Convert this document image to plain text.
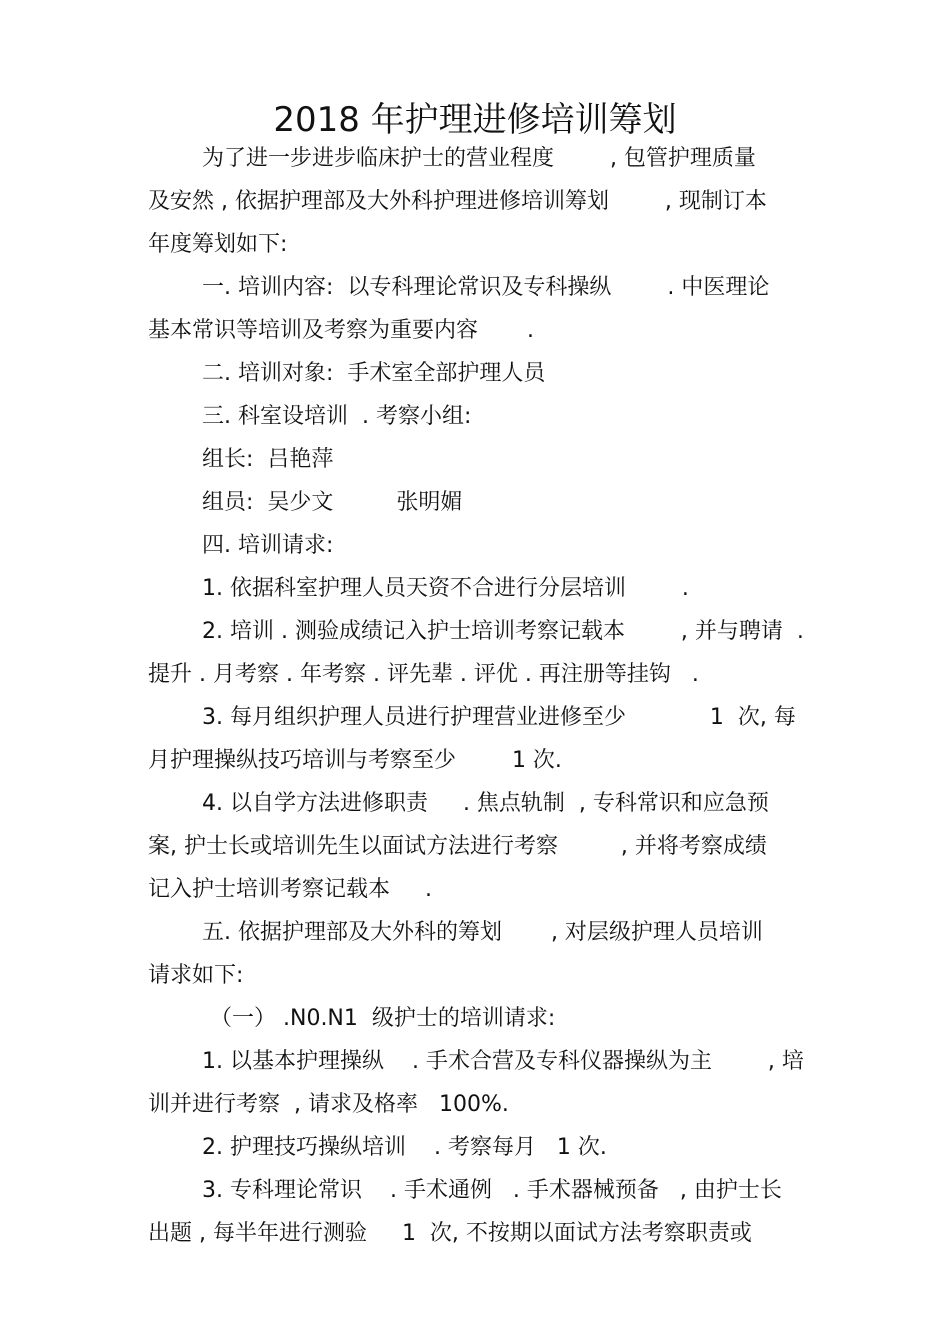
2018 年护理进修培训筹划

为了进一步进步临床护士的营业程度        , 包管护理质量

及安然 , 依据护理部及大外科护理进修培训筹划        , 现制订本

年度筹划如下:

一. 培训内容:  以专科理论常识及专科操纵        . 中医理论

基本常识等培训及考察为重要内容       .

二. 培训对象:  手术室全部护理人员

三. 科室设培训  . 考察小组:

组长:  吕艳萍

组员:  吴少文         张明媚

四. 培训请求:

1. 依据科室护理人员天资不合进行分层培训        .

2. 培训 . 测验成绩记入护士培训考察记载本        , 并与聘请  .

提升 . 月考察 . 年考察 . 评先辈 . 评优 . 再注册等挂钩   .

3. 每月组织护理人员进行护理营业进修至少            1  次, 每

月护理操纵技巧培训与考察至少        1 次.

4. 以自学方法进修职责     . 焦点轨制  , 专科常识和应急预

案, 护士长或培训先生以面试方法进行考察         , 并将考察成绩

记入护士培训考察记载本     .

五. 依据护理部及大外科的筹划       , 对层级护理人员培训

请求如下:

（一） .N0.N1  级护士的培训请求:

1. 以基本护理操纵    . 手术合营及专科仪器操纵为主        , 培

训并进行考察  , 请求及格率   100%.

2. 护理技巧操纵培训    . 考察每月   1 次.

3. 专科理论常识    . 手术通例   . 手术器械预备   , 由护士长

出题 , 每半年进行测验     1  次, 不按期以面试方法考察职责或
